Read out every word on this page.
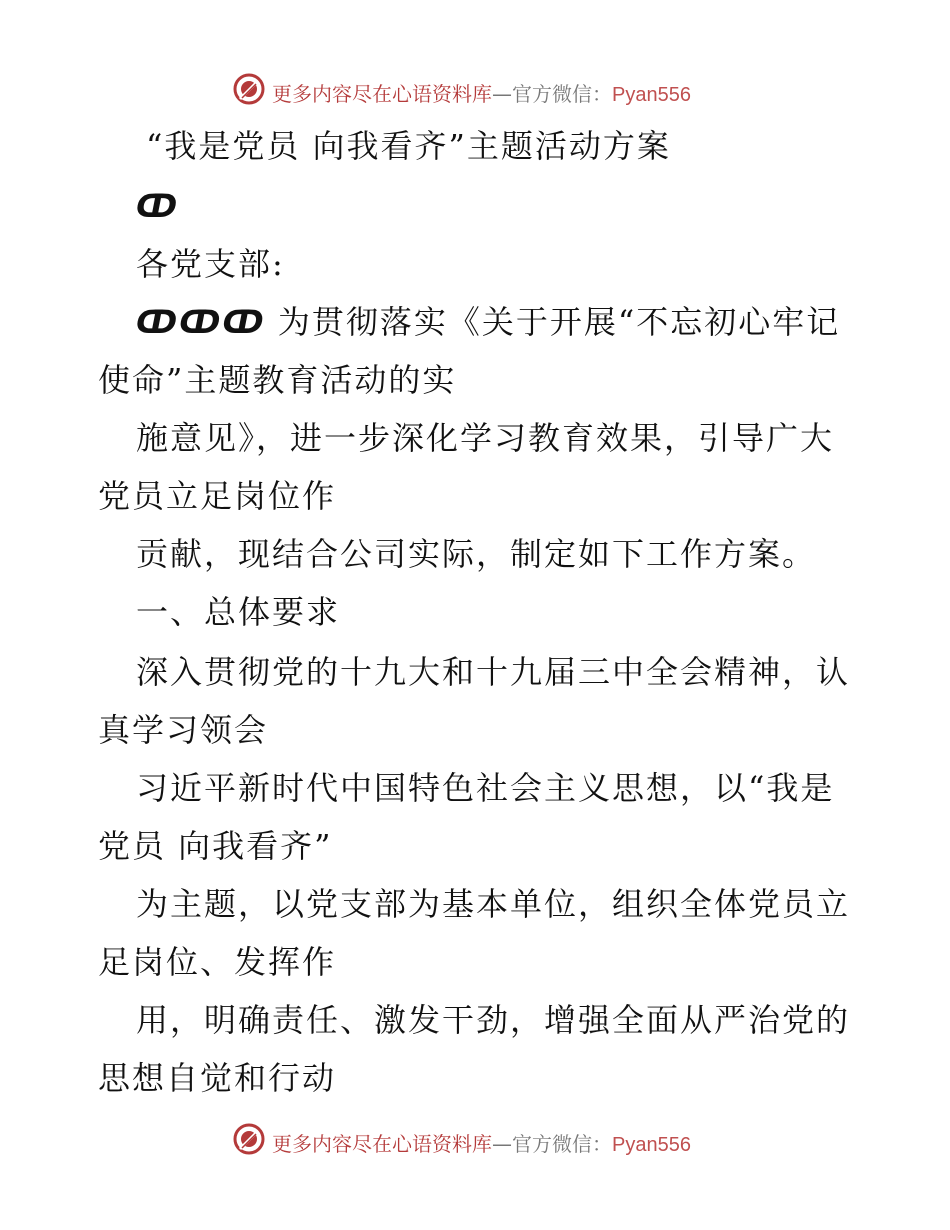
更多内容尽在心语资料库—官方微信：Pyan556
“我是党员 向我看齐”主题活动方案
ↀ
各党支部:
ↀↀↀ 为贯彻落实《关于开展“不忘初心牢记
使命”主题教育活动的实
施意见》，进一步深化学习教育效果，引导广大
党员立足岗位作
贡献，现结合公司实际，制定如下工作方案。
一、总体要求
深入贯彻党的十九大和十九届三中全会精神，认
真学习领会
习近平新时代中国特色社会主义思想，以“我是
党员 向我看齐”
为主题，以党支部为基本单位，组织全体党员立
足岗位、发挥作
用，明确责任、激发干劲，增强全面从严治党的
思想自觉和行动
更多内容尽在心语资料库—官方微信：Pyan556
